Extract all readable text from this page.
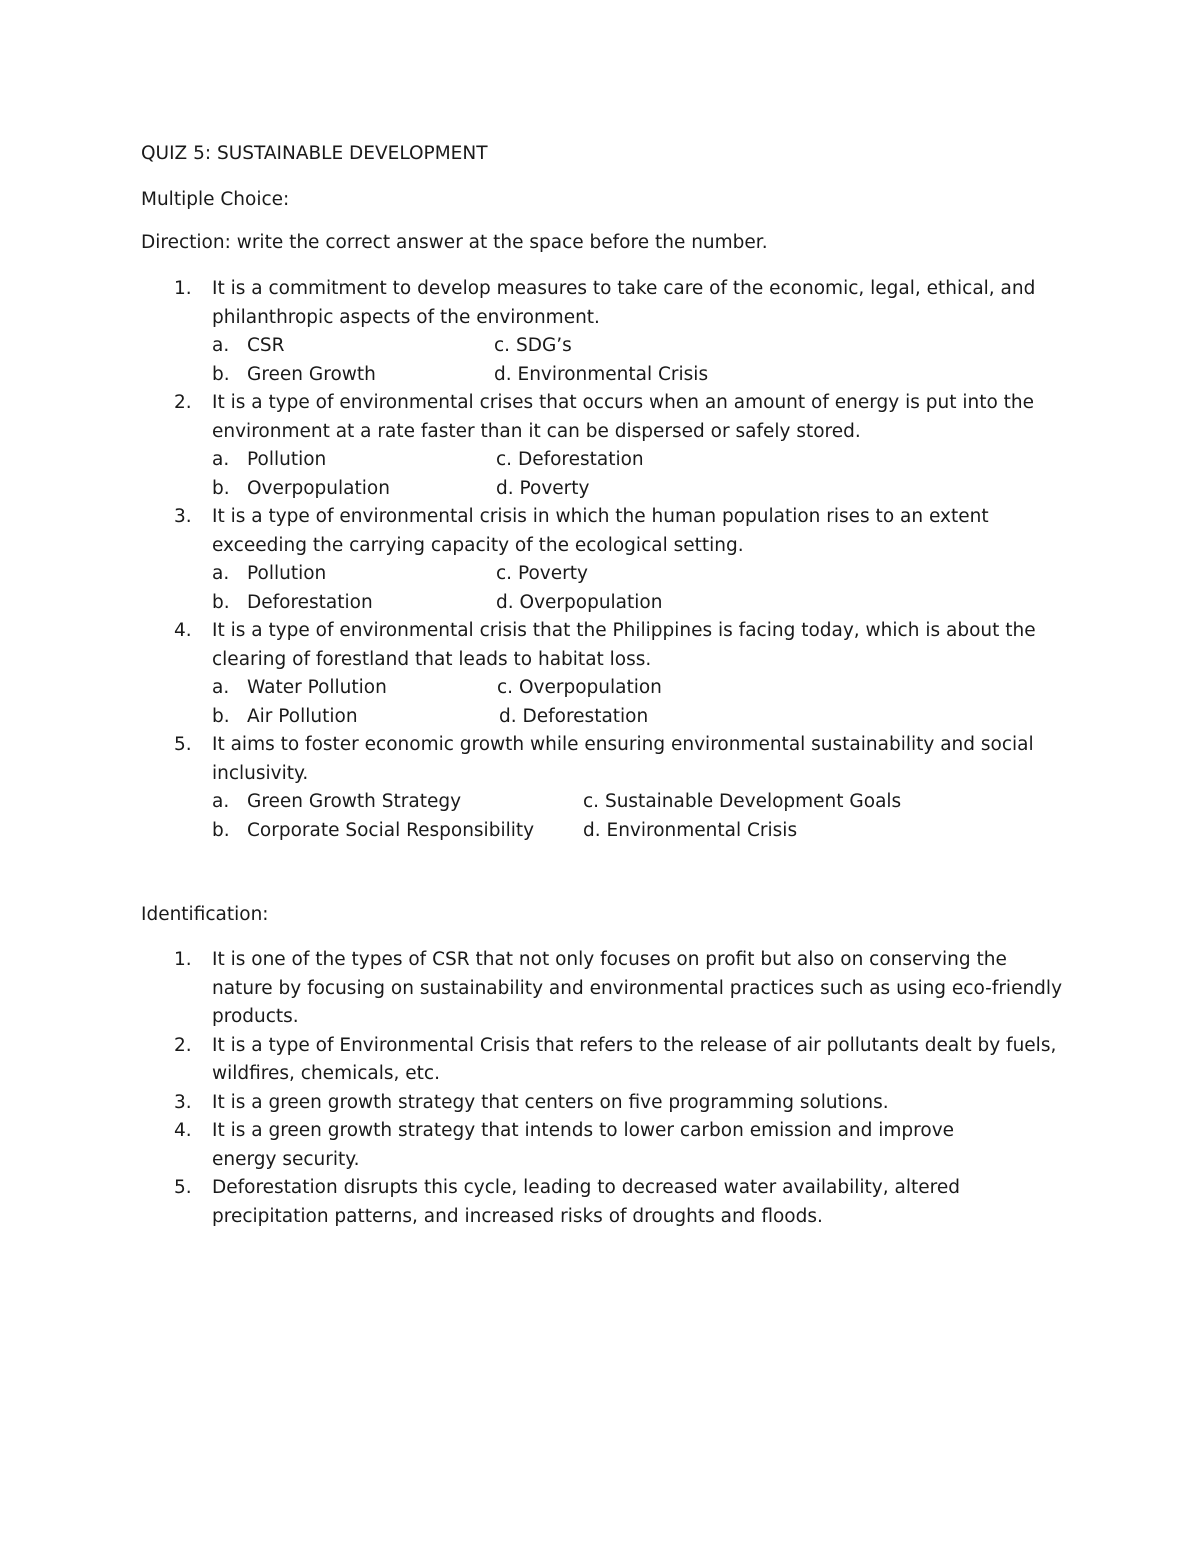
QUIZ 5: SUSTAINABLE DEVELOPMENT
Multiple Choice:
Direction: write the correct answer at the space before the number.
1. It is a commitment to develop measures to take care of the economic, legal, ethical, and philanthropic aspects of the environment.
a. CSR	c. SDG’s
b. Green Growth	d. Environmental Crisis
2. It is a type of environmental crises that occurs when an amount of energy is put into the environment at a rate faster than it can be dispersed or safely stored.
a. Pollution	c. Deforestation
b. Overpopulation	d. Poverty
3. It is a type of environmental crisis in which the human population rises to an extent exceeding the carrying capacity of the ecological setting.
a. Pollution	c. Poverty
b. Deforestation	d. Overpopulation
4. It is a type of environmental crisis that the Philippines is facing today, which is about the clearing of forestland that leads to habitat loss.
a. Water Pollution	c. Overpopulation
b. Air Pollution	d. Deforestation
5. It aims to foster economic growth while ensuring environmental sustainability and social inclusivity.
a. Green Growth Strategy	c. Sustainable Development Goals
b. Corporate Social Responsibility	d. Environmental Crisis
Identification:
1. It is one of the types of CSR that not only focuses on profit but also on conserving the nature by focusing on sustainability and environmental practices such as using eco-friendly products.
2. It is a type of Environmental Crisis that refers to the release of air pollutants dealt by fuels, wildfires, chemicals, etc.
3. It is a green growth strategy that centers on five programming solutions.
4. It is a green growth strategy that intends to lower carbon emission and improve energy security.
5. Deforestation disrupts this cycle, leading to decreased water availability, altered precipitation patterns, and increased risks of droughts and floods.
